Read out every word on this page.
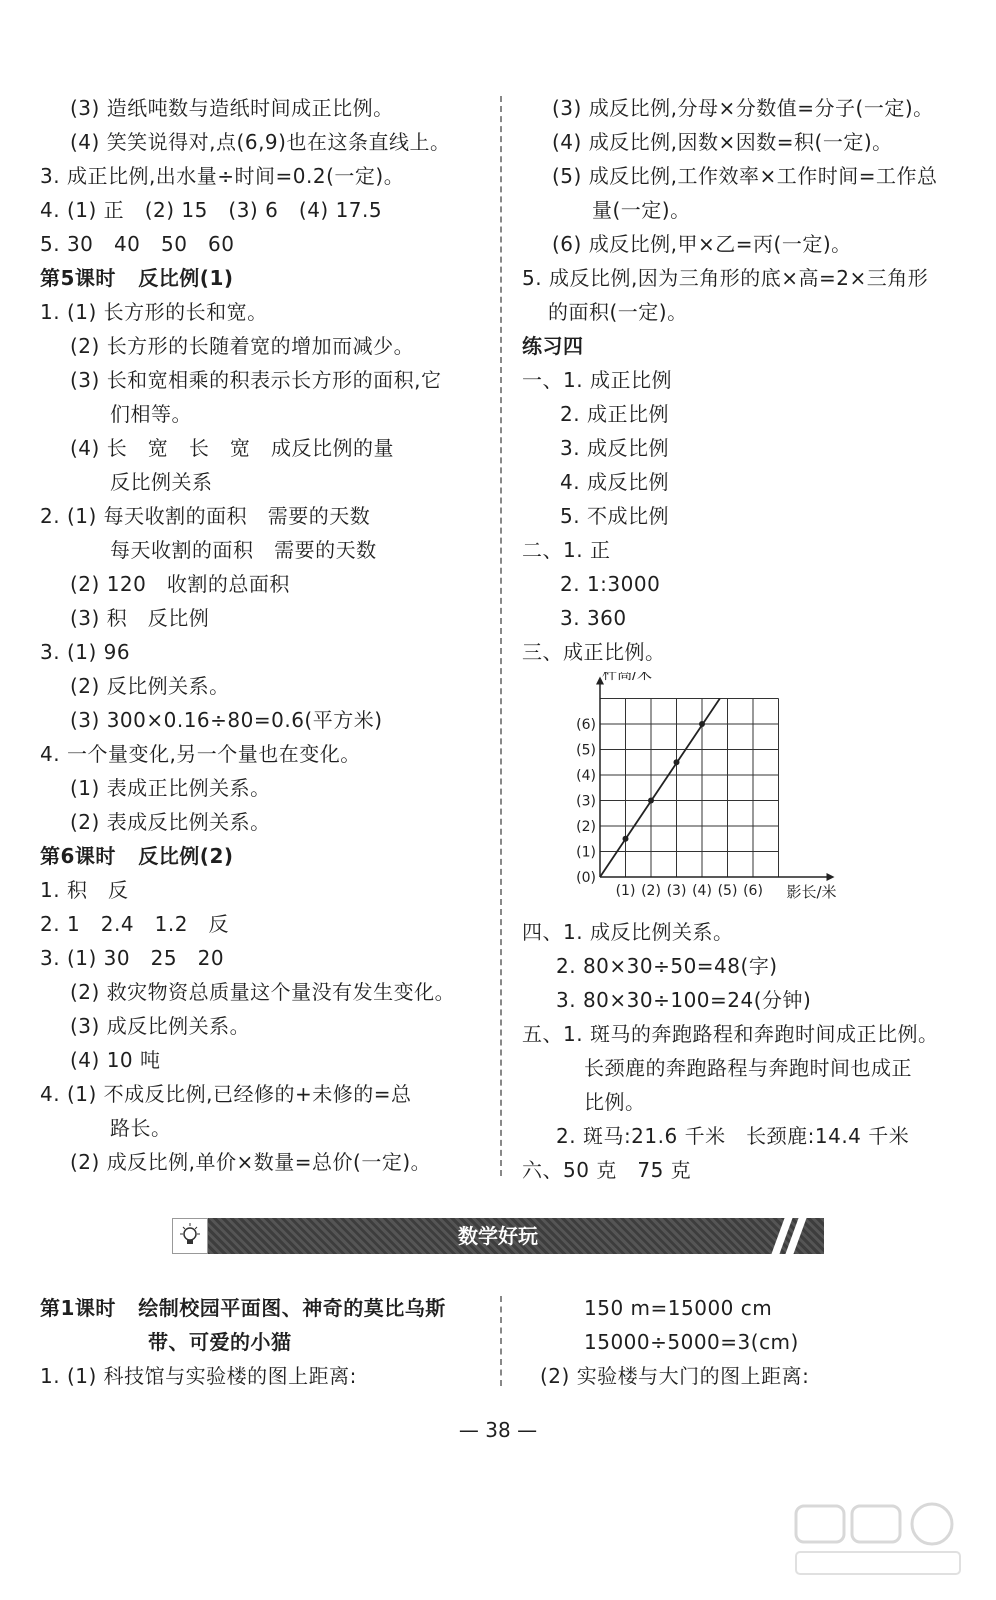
(3) 造纸吨数与造纸时间成正比例。
(4) 笑笑说得对,点(6,9)也在这条直线上。
3. 成正比例,出水量÷时间=0.2(一定)。
4. (1) 正   (2) 15   (3) 6   (4) 17.5
5. 30   40   50   60
第5课时   反比例(1)
1. (1) 长方形的长和宽。
(2) 长方形的长随着宽的增加而减少。
(3) 长和宽相乘的积表示长方形的面积,它
们相等。
(4) 长   宽   长   宽   成反比例的量
反比例关系
2. (1) 每天收割的面积   需要的天数
每天收割的面积   需要的天数
(2) 120   收割的总面积
(3) 积   反比例
3. (1) 96
(2) 反比例关系。
(3) 300×0.16÷80=0.6(平方米)
4. 一个量变化,另一个量也在变化。
(1) 表成正比例关系。
(2) 表成反比例关系。
第6课时   反比例(2)
1. 积   反
2. 1   2.4   1.2   反
3. (1) 30   25   20
(2) 救灾物资总质量这个量没有发生变化。
(3) 成反比例关系。
(4) 10 吨
4. (1) 不成反比例,已经修的+未修的=总
路长。
(2) 成反比例,单价×数量=总价(一定)。
(3) 成反比例,分母×分数值=分子(一定)。
(4) 成反比例,因数×因数=积(一定)。
(5) 成反比例,工作效率×工作时间=工作总
量(一定)。
(6) 成反比例,甲×乙=丙(一定)。
5. 成反比例,因为三角形的底×高=2×三角形
的面积(一定)。
练习四
一、1. 成正比例
2. 成正比例
3. 成反比例
4. 成反比例
5. 不成比例
二、1. 正
2. 1:3000
3. 360
三、成正比例。
四、1. 成反比例关系。
2. 80×30÷50=48(字)
3. 80×30÷100=24(分钟)
五、1. 斑马的奔跑路程和奔跑时间成正比例。
长颈鹿的奔跑路程与奔跑时间也成正
比例。
2. 斑马:21.6 千米   长颈鹿:14.4 千米
六、50 克   75 克
数学好玩
第1课时   绘制校园平面图、神奇的莫比乌斯
带、可爱的小猫
1. (1) 科技馆与实验楼的图上距离:
150 m=15000 cm
15000÷5000=3(cm)
(2) 实验楼与大门的图上距离:
(0)
(1)
(2)
(3)
(4)
(5)
(6)
(1) (2) (3) (4) (5) (6)
杆高/米
影长/米
— 38 —
